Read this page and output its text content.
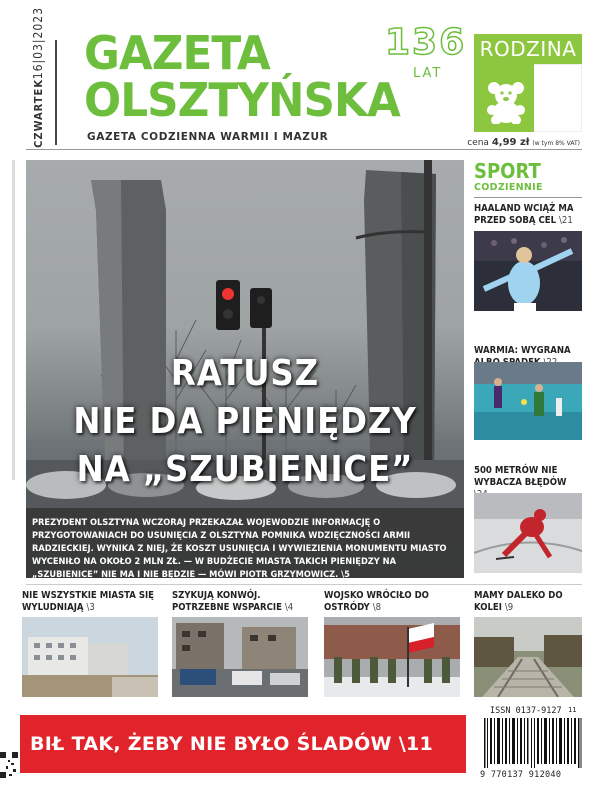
16|03|2023
CZWARTEK
GAZETA
OLSZTYŃSKA
GAZETA CODZIENNA WARMII I MAZUR
136
LAT
RODZINA
cena 4,99 zł (w tym 8% VAT)
RATUSZ
NIE DA PIENIĘDZY
NA „SZUBIENICE”
PREZYDENT OLSZTYNA WCZORAJ PRZEKAZAŁ WOJEWODZIE INFORMACJĘ O PRZYGOTOWANIACH DO USUNIĘCIA Z OLSZTYNA POMNIKA WDZIĘCZNOŚCI ARMII RADZIECKIEJ. WYNIKA Z NIEJ, ŻE KOSZT USUNIĘCIA I WYWIEZIENIA MONUMENTU MIASTO WYCENIŁO NA OKOŁO 2 MLN ZŁ. — W BUDŻECIE MIASTA TAKICH PIENIĘDZY NA „SZUBIENICE” NIE MA I NIE BĘDZIE — MÓWI PIOTR GRZYMOWICZ. \5
SPORT
CODZIENNIE
HAALAND WCIĄŻ MA PRZED SOBĄ CEL \21
WARMIA: WYGRANA
500 METRÓW NIE WYBACZA BŁĘDÓW
NIE WSZYSTKIE MIASTA SIĘ WYLUDNIAJĄ \3
SZYKUJĄ KONWÓJ. POTRZEBNE WSPARCIE \4
WOJSKO WRÓCIŁO DO OSTRÓDY \8
MAMY DALEKO DO KOLEI \9
BIŁ TAK, ŻEBY NIE BYŁO ŚLADÓW \11
ISSN 0137-9127 11
9 770137 912040
